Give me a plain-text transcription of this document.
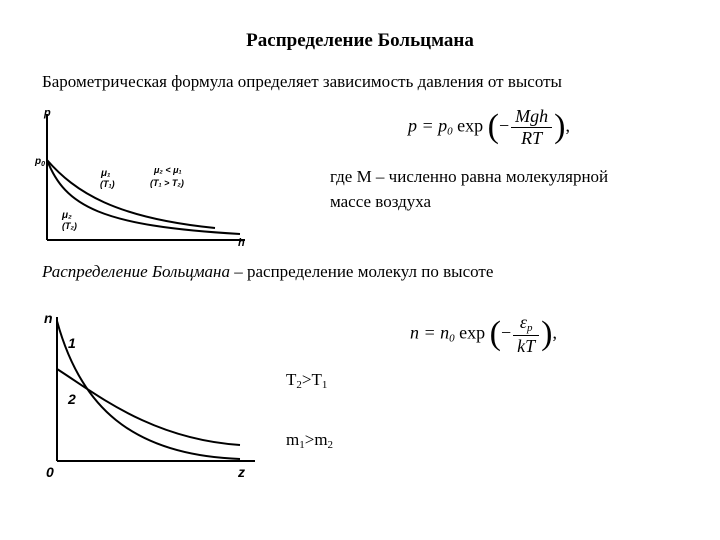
Распределение Больцмана
Барометрическая формула определяет зависимость давления от высоты
p
h
$p_0$
μ₁
(Т₁)
μ₂
(Т₂)
μ₂ < μ₁
(Т₁ > Т₂)
$p = p_0$ exp (− $\frac{\text{Mgh}}{RT}$ ),
где М – численно равна молекулярной
массе воздуха
Распределение Больцмана – распределение молекул по высоте
n
z
0
1
2
$n = n_0$ exp (− $\frac{\varepsilon_p}{kT}$ ),
$T_2>T_1$
$m_1>m_2$
